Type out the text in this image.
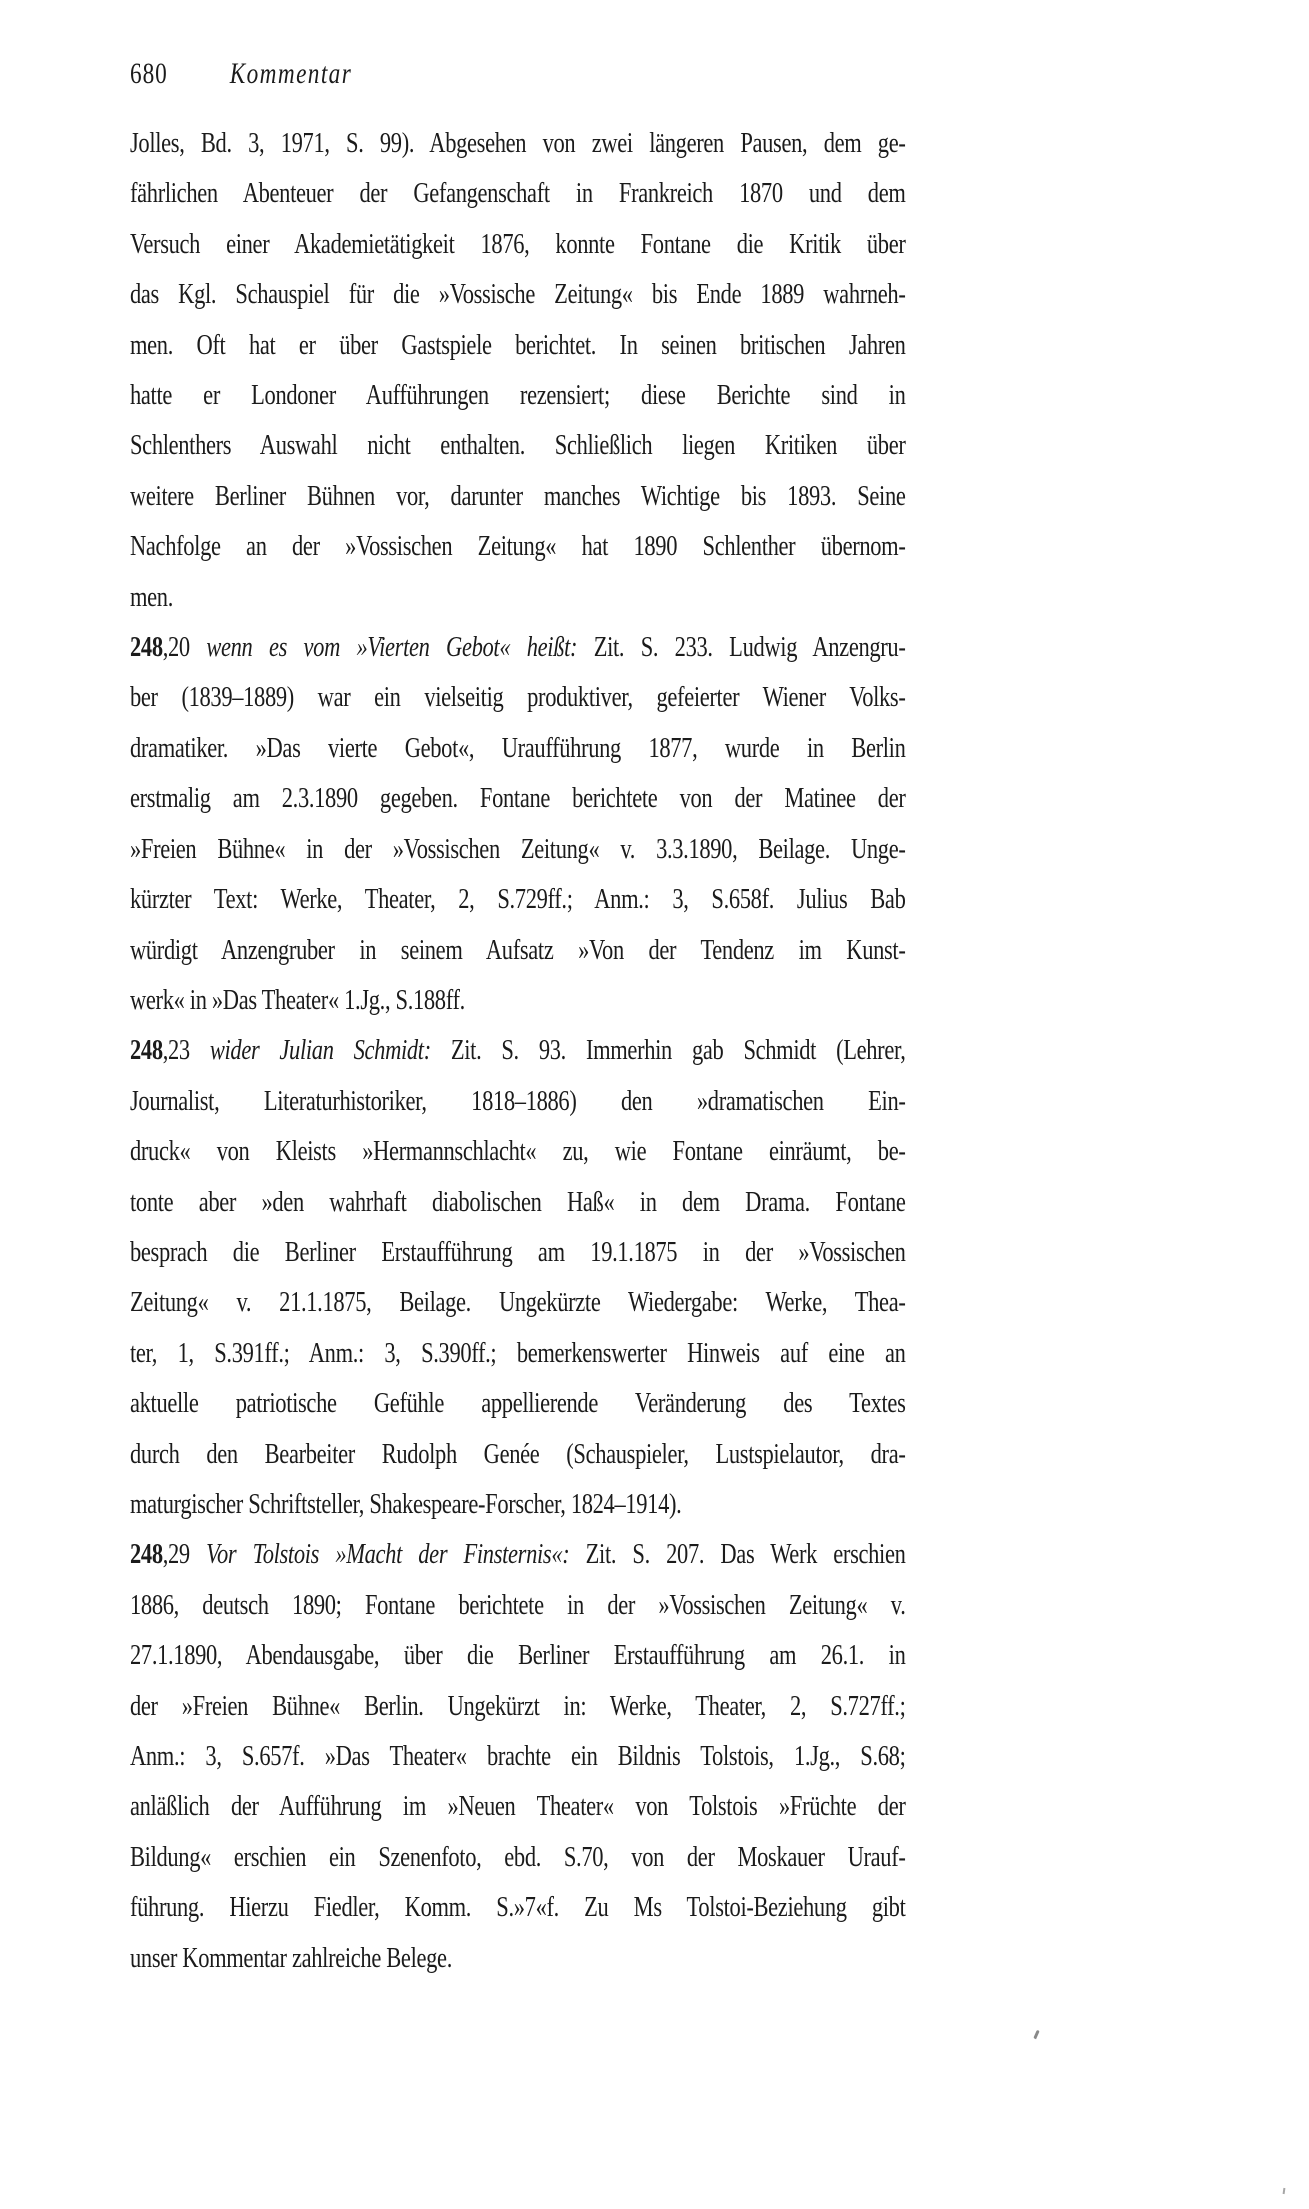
680 Kommentar
Jolles, Bd. 3, 1971, S. 99). Abgesehen von zwei längeren Pausen, dem ge-
fährlichen Abenteuer der Gefangenschaft in Frankreich 1870 und dem
Versuch einer Akademietätigkeit 1876, konnte Fontane die Kritik über
das Kgl. Schauspiel für die »Vossische Zeitung« bis Ende 1889 wahrneh-
men. Oft hat er über Gastspiele berichtet. In seinen britischen Jahren
hatte er Londoner Aufführungen rezensiert; diese Berichte sind in
Schlenthers Auswahl nicht enthalten. Schließlich liegen Kritiken über
weitere Berliner Bühnen vor, darunter manches Wichtige bis 1893. Seine
Nachfolge an der »Vossischen Zeitung« hat 1890 Schlenther übernom-
men.
248,20 wenn es vom »Vierten Gebot« heißt: Zit. S. 233. Ludwig Anzengru-
ber (1839–1889) war ein vielseitig produktiver, gefeierter Wiener Volks-
dramatiker. »Das vierte Gebot«, Uraufführung 1877, wurde in Berlin
erstmalig am 2.3.1890 gegeben. Fontane berichtete von der Matinee der
»Freien Bühne« in der »Vossischen Zeitung« v. 3.3.1890, Beilage. Unge-
kürzter Text: Werke, Theater, 2, S.729ff.; Anm.: 3, S.658f. Julius Bab
würdigt Anzengruber in seinem Aufsatz »Von der Tendenz im Kunst-
werk« in »Das Theater« 1.Jg., S.188ff.
248,23 wider Julian Schmidt: Zit. S. 93. Immerhin gab Schmidt (Lehrer,
Journalist, Literaturhistoriker, 1818–1886) den »dramatischen Ein-
druck« von Kleists »Hermannschlacht« zu, wie Fontane einräumt, be-
tonte aber »den wahrhaft diabolischen Haß« in dem Drama. Fontane
besprach die Berliner Erstaufführung am 19.1.1875 in der »Vossischen
Zeitung« v. 21.1.1875, Beilage. Ungekürzte Wiedergabe: Werke, Thea-
ter, 1, S.391ff.; Anm.: 3, S.390ff.; bemerkenswerter Hinweis auf eine an
aktuelle patriotische Gefühle appellierende Veränderung des Textes
durch den Bearbeiter Rudolph Genée (Schauspieler, Lustspielautor, dra-
maturgischer Schriftsteller, Shakespeare-Forscher, 1824–1914).
248,29 Vor Tolstois »Macht der Finsternis«: Zit. S. 207. Das Werk erschien
1886, deutsch 1890; Fontane berichtete in der »Vossischen Zeitung« v.
27.1.1890, Abendausgabe, über die Berliner Erstaufführung am 26.1. in
der »Freien Bühne« Berlin. Ungekürzt in: Werke, Theater, 2, S.727ff.;
Anm.: 3, S.657f. »Das Theater« brachte ein Bildnis Tolstois, 1.Jg., S.68;
anläßlich der Aufführung im »Neuen Theater« von Tolstois »Früchte der
Bildung« erschien ein Szenenfoto, ebd. S.70, von der Moskauer Urauf-
führung. Hierzu Fiedler, Komm. S.»7«f. Zu Ms Tolstoi-Beziehung gibt
unser Kommentar zahlreiche Belege.
